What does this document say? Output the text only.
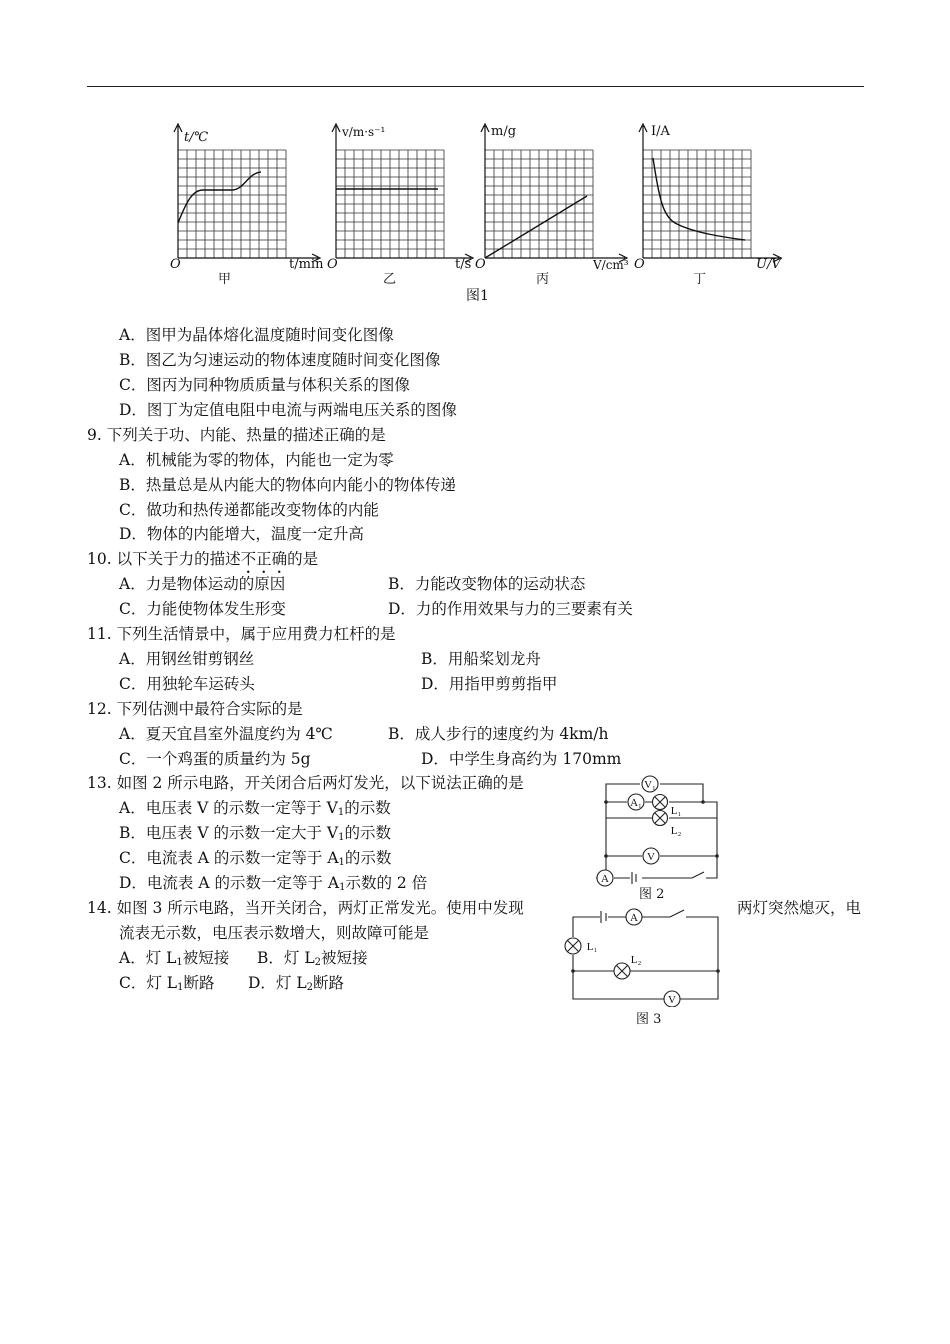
t/℃
O	t/min
甲
v/m·s⁻¹
O	t/s
乙
m/g
O	V/cm³
丙
I/A
O	U/V
丁
图1
A．图甲为晶体熔化温度随时间变化图像
B．图乙为匀速运动的物体速度随时间变化图像
C．图丙为同种物质质量与体积关系的图像
D．图丁为定值电阻中电流与两端电压关系的图像
9. 下列关于功、内能、热量的描述正确的是
A．机械能为零的物体，内能也一定为零
B．热量总是从内能大的物体向内能小的物体传递
C．做功和热传递都能改变物体的内能
D．物体的内能增大，温度一定升高
10. 以下关于力的描述不正确的是
A．力是物体运动的原因	B．力能改变物体的运动状态
C．力能使物体发生形变	D．力的作用效果与力的三要素有关
11. 下列生活情景中，属于应用费力杠杆的是
A．用钢丝钳剪钢丝	B．用船桨划龙舟
C．用独轮车运砖头	D．用指甲剪剪指甲
12. 下列估测中最符合实际的是
A．夏天宜昌室外温度约为 4℃	B．成人步行的速度约为 4km/h
C．一个鸡蛋的质量约为 5g	D．中学生身高约为 170mm
13. 如图 2 所示电路，开关闭合后两灯发光，以下说法正确的是
A．电压表 V 的示数一定等于 $V_1$的示数
B．电压表 V 的示数一定大于 $V_1$的示数
C．电流表 A 的示数一定等于 $A_1$的示数
D．电流表 A 的示数一定等于 $A_1$示数的 2 倍
V₁
A₁
V
A
L₁
L₂
图 2
14. 如图 3 所示电路，当开关闭合，两灯正常发光。使用中发现	两灯突然熄灭，电
流表无示数，电压表示数增大，则故障可能是
A．灯 $L_1$被短接 B．灯 $L_2$被短接
C．灯 $L_1$断路 D．灯 $L_2$断路
A
V
L₁
L₂
图 3
